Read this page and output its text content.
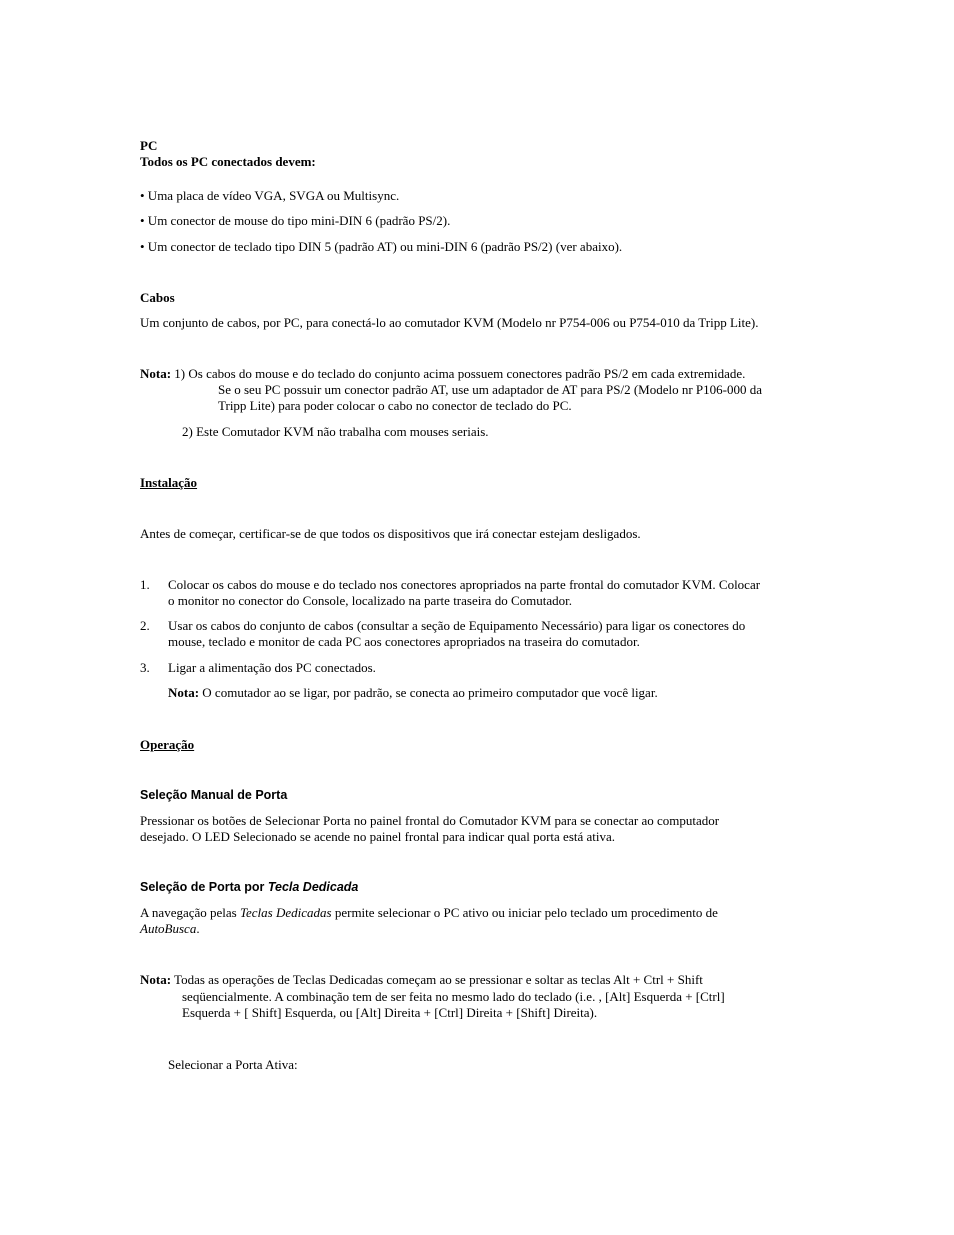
PC
Todos os PC conectados devem:
• Uma placa de vídeo VGA, SVGA ou Multisync.
• Um conector de mouse do tipo mini-DIN 6 (padrão PS/2).
• Um conector de teclado tipo DIN 5 (padrão AT) ou mini-DIN 6 (padrão PS/2) (ver abaixo).
Cabos
Um conjunto de cabos, por PC, para conectá-lo ao comutador KVM (Modelo nr P754-006 ou P754-010 da Tripp Lite).
Nota: 1) Os cabos do mouse e do teclado do conjunto acima possuem conectores padrão PS/2 em cada extremidade.
Se o seu PC possuir um conector padrão AT, use um adaptador de AT para PS/2 (Modelo nr P106-000 da
Tripp Lite) para poder colocar o cabo no conector de teclado do PC.
2) Este Comutador KVM não trabalha com mouses seriais.
Instalação
Antes de começar, certificar-se de que todos os dispositivos que irá conectar estejam desligados.
1. Colocar os cabos do mouse e do teclado nos conectores apropriados na parte frontal do comutador KVM. Colocar
o monitor no conector do Console, localizado na parte traseira do Comutador.
2. Usar os cabos do conjunto de cabos (consultar a seção de Equipamento Necessário) para ligar os conectores do
mouse, teclado e monitor de cada PC aos conectores apropriados na traseira do comutador.
3. Ligar a alimentação dos PC conectados.
Nota: O comutador ao se ligar, por padrão, se conecta ao primeiro computador que você ligar.
Operação
Seleção Manual de Porta
Pressionar os botões de Selecionar Porta no painel frontal do Comutador KVM para se conectar ao computador
desejado. O LED Selecionado se acende no painel frontal para indicar qual porta está ativa.
Seleção de Porta por Tecla Dedicada
A navegação pelas Teclas Dedicadas permite selecionar o PC ativo ou iniciar pelo teclado um procedimento de
AutoBusca.
Nota: Todas as operações de Teclas Dedicadas começam ao se pressionar e soltar as teclas Alt + Ctrl + Shift
seqüencialmente. A combinação tem de ser feita no mesmo lado do teclado (i.e. , [Alt] Esquerda + [Ctrl]
Esquerda + [ Shift] Esquerda, ou [Alt] Direita + [Ctrl] Direita + [Shift] Direita).
Selecionar a Porta Ativa:
